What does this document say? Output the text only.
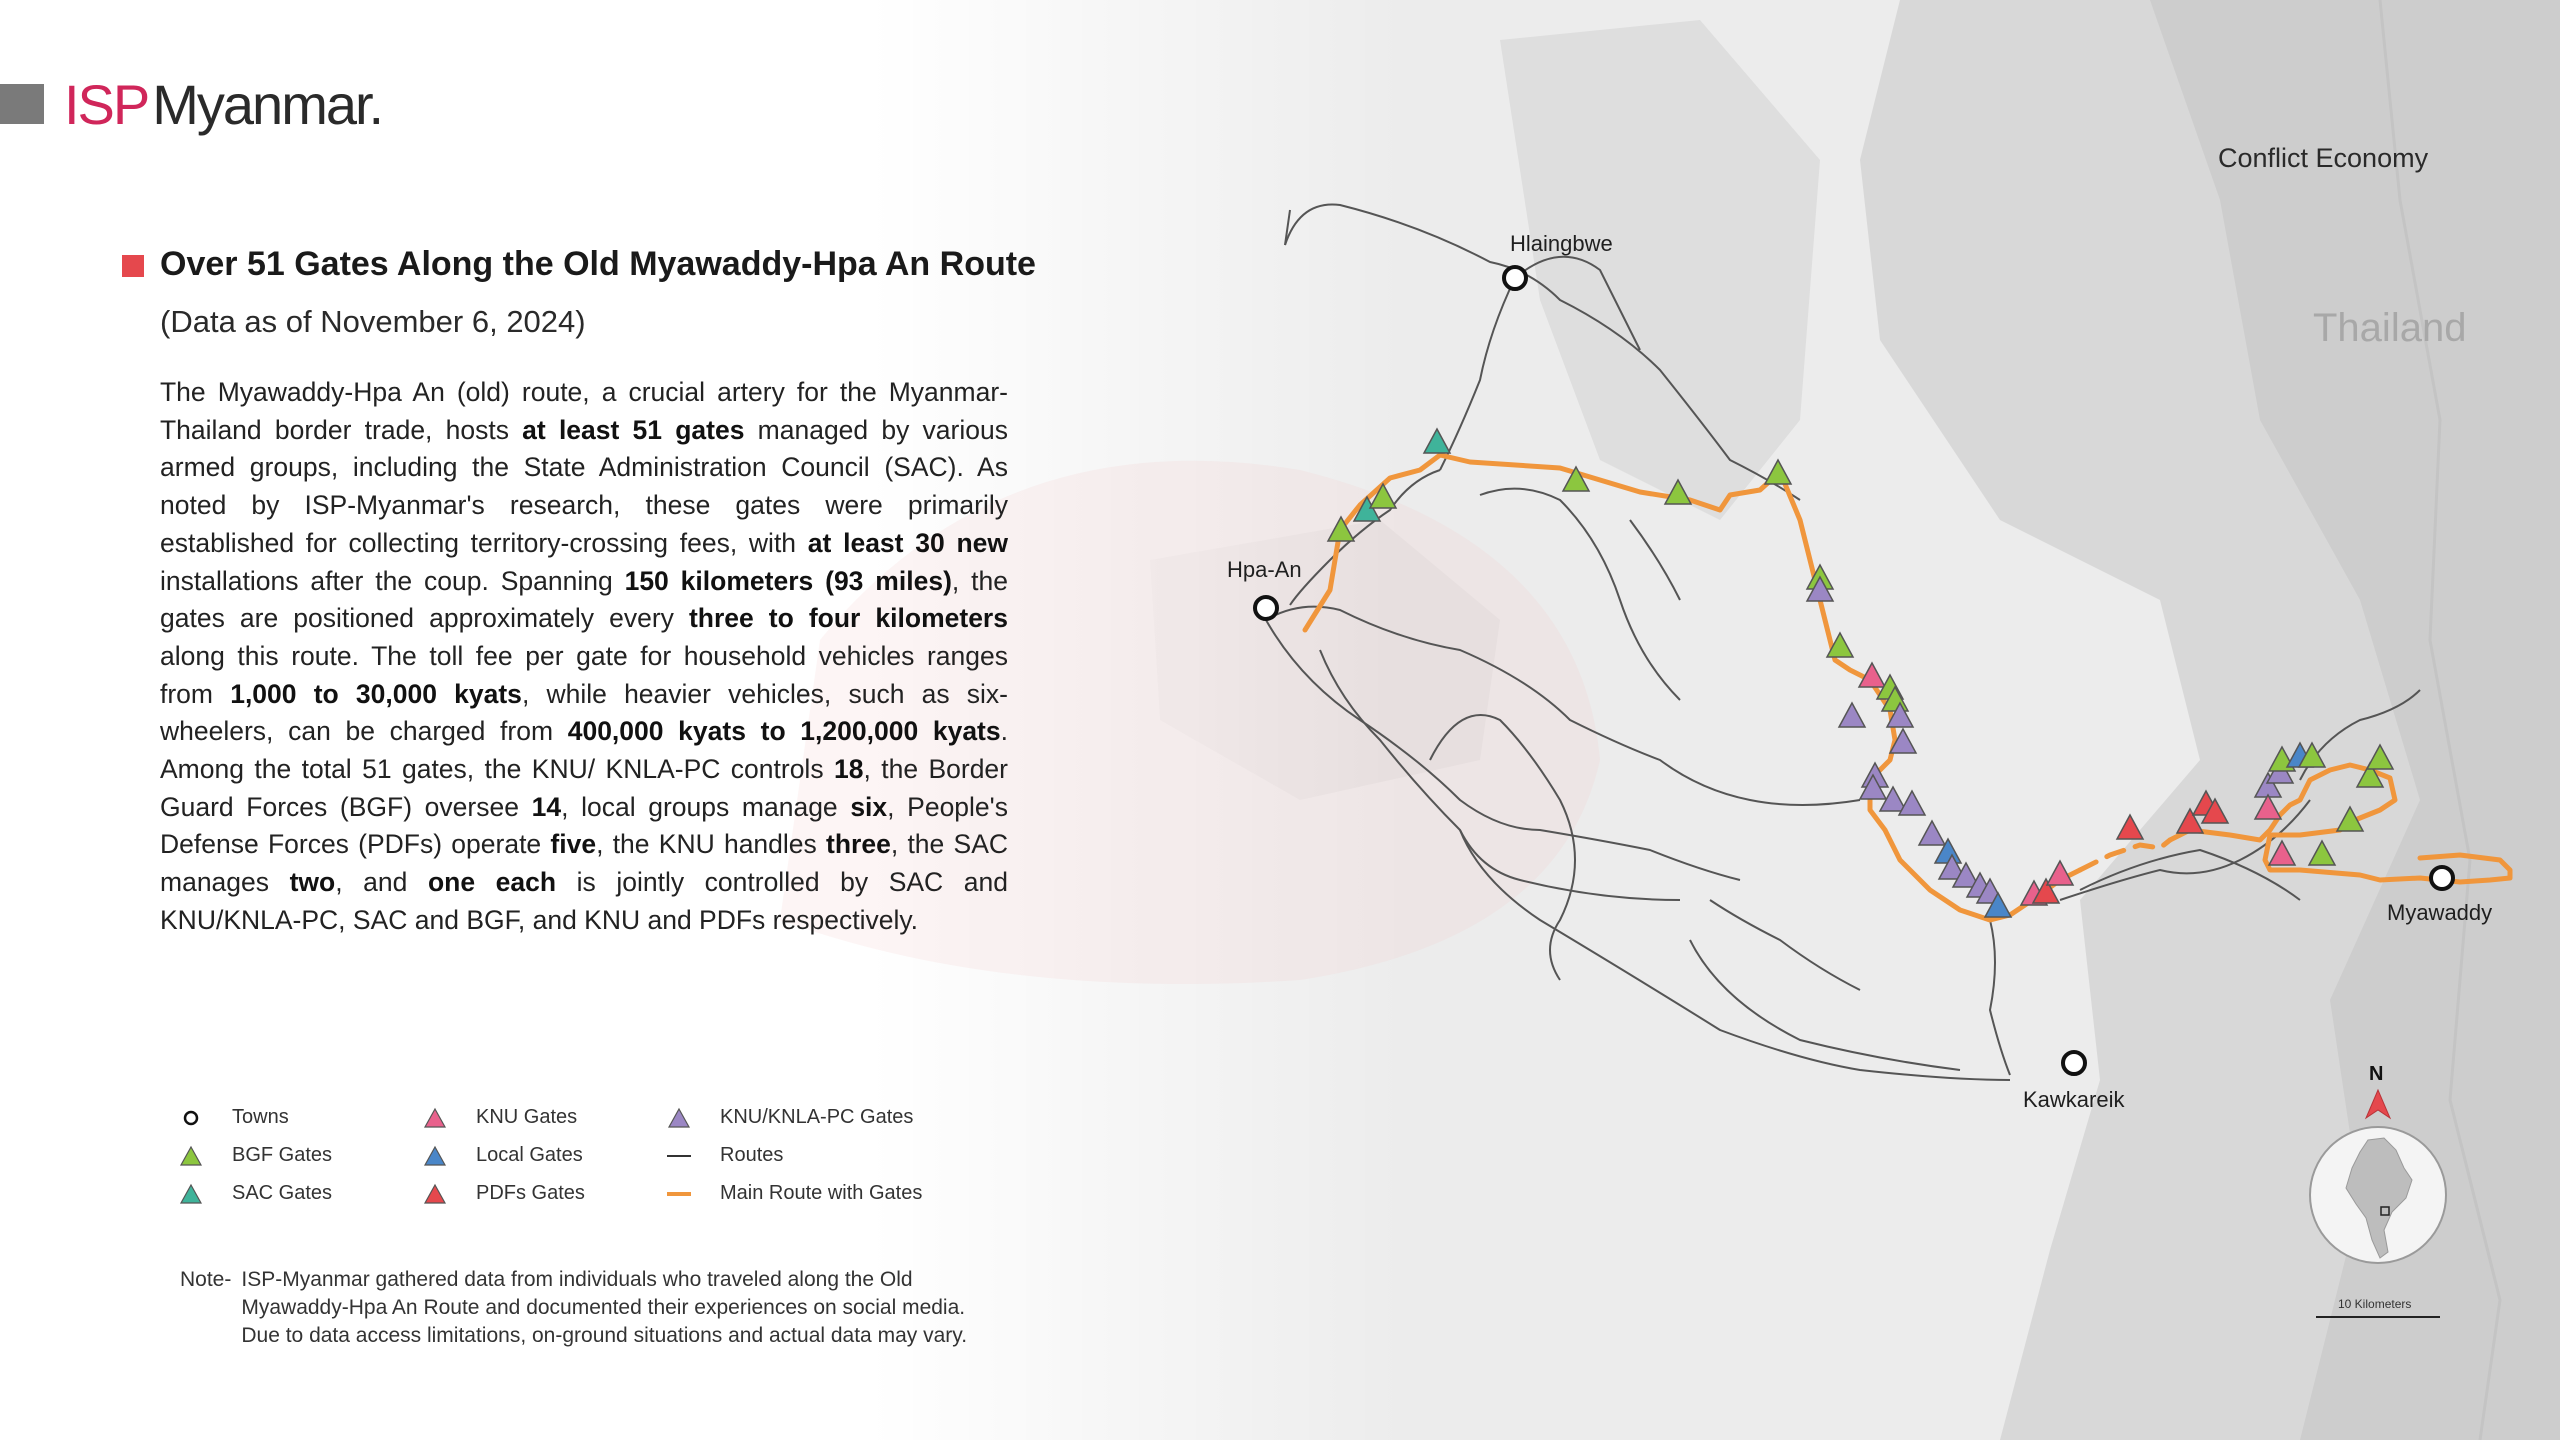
Hlaingbwe
Hpa-An
Kawkareik
Myawaddy
Thailand
N
10 Kilometers
ISP Myanmar.
Conflict Economy
Over 51 Gates Along the Old Myawaddy-Hpa An Route
(Data as of November 6, 2024)
The Myawaddy-Hpa An (old) route, a crucial artery for the Myanmar-Thailand border trade, hosts at least 51 gates managed by various armed groups, including the State Administration Council (SAC). As noted by ISP-Myanmar's research, these gates were primarily established for collecting territory-crossing fees, with at least 30 new installations after the coup. Spanning 150 kilometers (93 miles), the gates are positioned approximately every three to four kilometers along this route. The toll fee per gate for household vehicles ranges from 1,000 to 30,000 kyats, while heavier vehicles, such as six-wheelers, can be charged from 400,000 kyats to 1,200,000 kyats. Among the total 51 gates, the KNU/ KNLA-PC controls 18, the Border Guard Forces (BGF) oversee 14, local groups manage six, People's Defense Forces (PDFs) operate five, the KNU handles three, the SAC manages two, and one each is jointly controlled by SAC and KNU/KNLA-PC, SAC and BGF, and KNU and PDFs respectively.
Towns
BGF Gates
SAC Gates
KNU Gates
Local Gates
PDFs Gates
KNU/KNLA-PC Gates
Routes
Main Route with Gates
Note- ISP-Myanmar gathered data from individuals who traveled along the Old
Myawaddy-Hpa An Route and documented their experiences on social media.
Due to data access limitations, on-ground situations and actual data may vary.
